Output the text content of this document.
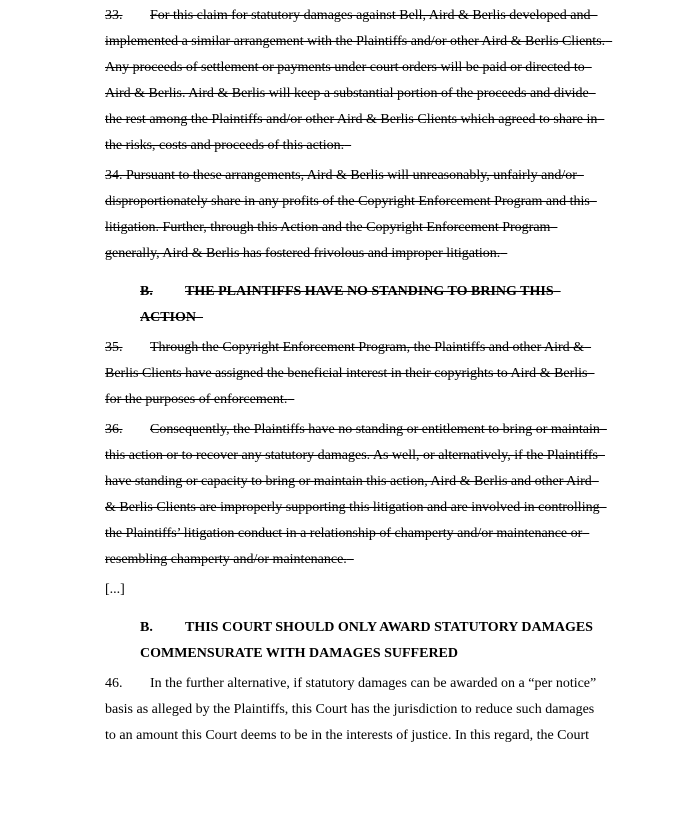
33.	For this claim for statutory damages against Bell, Aird & Berlis developed and
implemented a similar arrangement with the Plaintiffs and/or other Aird & Berlis Clients.
Any proceeds of settlement or payments under court orders will be paid or directed to
Aird & Berlis. Aird & Berlis will keep a substantial portion of the proceeds and divide
the rest among the Plaintiffs and/or other Aird & Berlis Clients which agreed to share in
the risks, costs and proceeds of this action.
34. Pursuant to these arrangements, Aird & Berlis will unreasonably, unfairly and/or
disproportionately share in any profits of the Copyright Enforcement Program and this
litigation. Further, through this Action and the Copyright Enforcement Program
generally, Aird & Berlis has fostered frivolous and improper litigation.
B.	THE PLAINTIFFS HAVE NO STANDING TO BRING THIS
ACTION
35.	Through the Copyright Enforcement Program, the Plaintiffs and other Aird &
Berlis Clients have assigned the beneficial interest in their copyrights to Aird & Berlis
for the purposes of enforcement.
36.	Consequently, the Plaintiffs have no standing or entitlement to bring or maintain
this action or to recover any statutory damages. As well, or alternatively, if the Plaintiffs
have standing or capacity to bring or maintain this action, Aird & Berlis and other Aird
& Berlis Clients are improperly supporting this litigation and are involved in controlling
the Plaintiffs’ litigation conduct in a relationship of champerty and/or maintenance or
resembling champerty and/or maintenance.
[...]
B.	THIS COURT SHOULD ONLY AWARD STATUTORY DAMAGES
COMMENSURATE WITH DAMAGES SUFFERED
46.	In the further alternative, if statutory damages can be awarded on a “per notice”
basis as alleged by the Plaintiffs, this Court has the jurisdiction to reduce such damages
to an amount this Court deems to be in the interests of justice. In this regard, the Court
